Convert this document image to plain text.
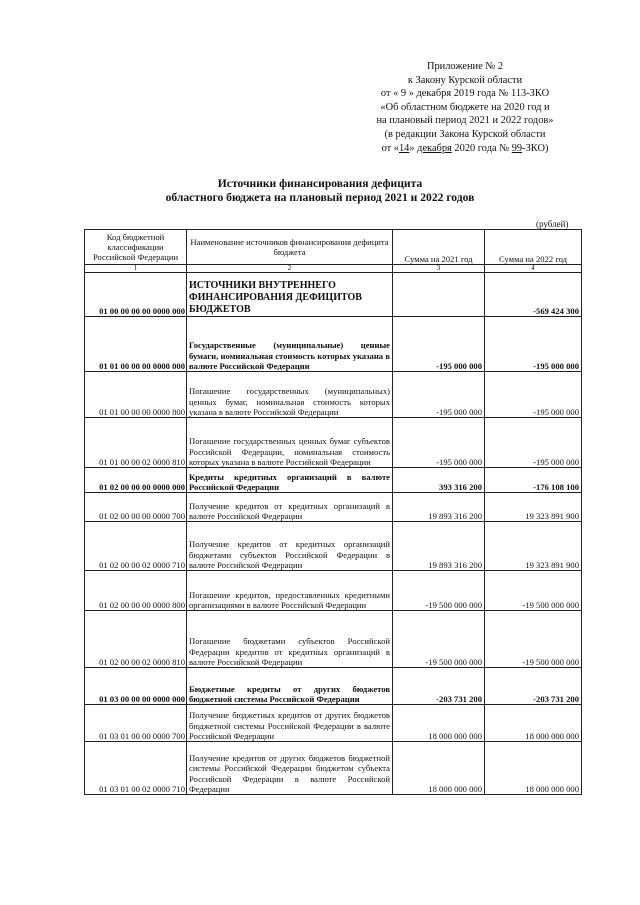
Приложение № 2
к Закону Курской области
от « 9 » декабря 2019 года № 113-ЗКО
«Об областном бюджете на 2020 год и
на плановый период 2021 и 2022 годов»
(в редакции Закона Курской области
от «14» декабря 2020 года № 99-ЗКО)
Источники финансирования дефицита
областного бюджета на плановый период 2021 и 2022 годов
(рублей)
Код бюджетной классификации Российской Федерации	Наименование источников финансирования дефицита бюджета	Сумма на 2021 год	Сумма на 2022 год
1	2	3	4
01 00 00 00 00 0000 000	ИСТОЧНИКИ ВНУТРЕННЕГО ФИНАНСИРОВАНИЯ ДЕФИЦИТОВ БЮДЖЕТОВ		-569 424 300
01 01 00 00 00 0000 000	Государственные (муниципальные) ценные бумаги, номинальная стоимость которых указана в валюте Российской Федерации	-195 000 000	-195 000 000
01 01 00 00 00 0000 800	Погашение государственных (муниципальных) ценных бумаг, номинальная стоимость которых указана в валюте Российской Федерации	-195 000 000	-195 000 000
01 01 00 00 02 0000 810	Погашение государственных ценных бумаг субъектов Российской Федерации, номинальная стоимость которых указана в валюте Российской Федерации	-195 000 000	-195 000 000
01 02 00 00 00 0000 000	Кредиты кредитных организаций в валюте Российской Федерации	393 316 200	-176 108 100
01 02 00 00 00 0000 700	Получение кредитов от кредитных организаций в валюте Российской Федерации	19 893 316 200	19 323 891 900
01 02 00 00 02 0000 710	Получение кредитов от кредитных организаций бюджетами субъектов Российской Федерации в валюте Российской Федерации	19 893 316 200	19 323 891 900
01 02 00 00 00 0000 800	Погашение кредитов, предоставленных кредитными организациями в валюте Российской Федерации	-19 500 000 000	-19 500 000 000
01 02 00 00 02 0000 810	Погашение бюджетами субъектов Российской Федерации кредитов от кредитных организаций в валюте Российской Федерации	-19 500 000 000	-19 500 000 000
01 03 00 00 00 0000 000	Бюджетные кредиты от других бюджетов бюджетной системы Российской Федерации	-203 731 200	-203 731 200
01 03 01 00 00 0000 700	Получение бюджетных кредитов от других бюджетов бюджетной системы Российской Федерации в валюте Российской Федерации	18 000 000 000	18 000 000 000
01 03 01 00 02 0000 710	Получение кредитов от других бюджетов бюджетной системы Российской Федерации бюджетом субъекта Российской Федерации в валюте Российской Федерации	18 000 000 000	18 000 000 000
